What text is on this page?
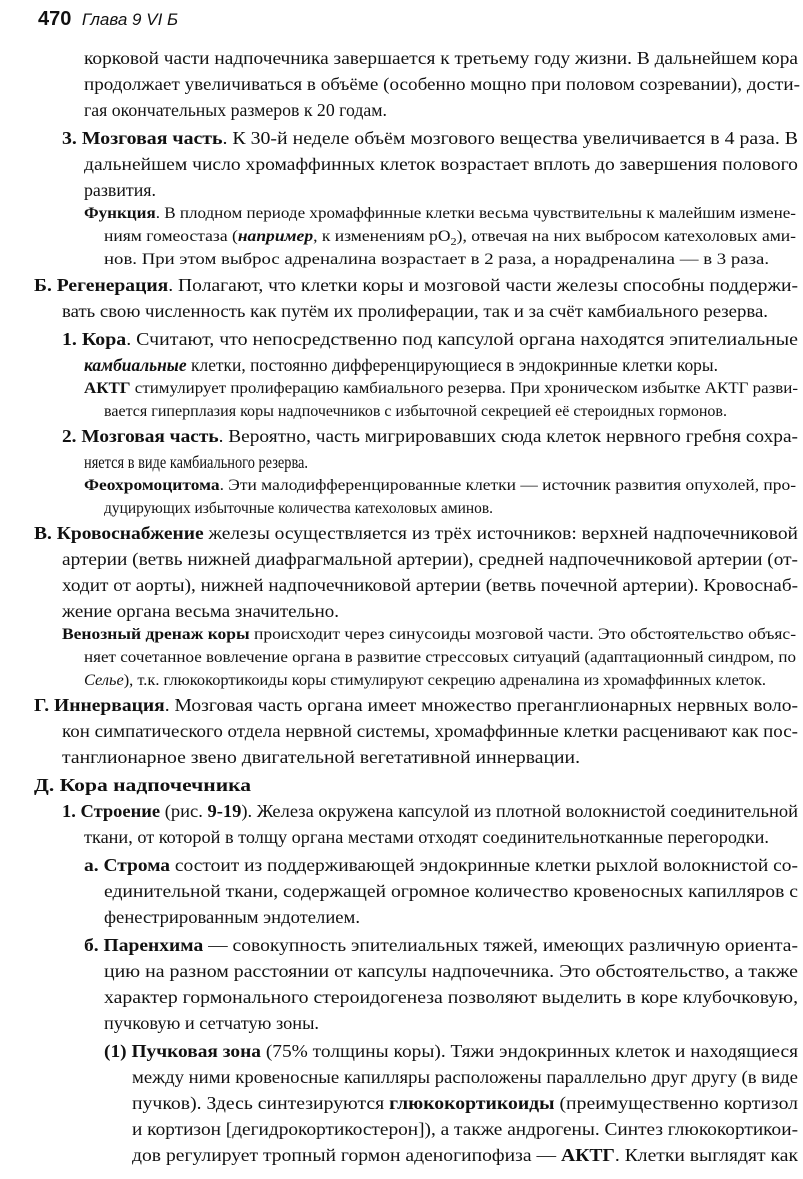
470 Глава 9 VI Б
корковой части надпочечника завершается к третьему году жизни. В дальнейшем кора
продолжает увеличиваться в объёме (особенно мощно при половом созревании), дости-
гая окончательных размеров к 20 годам.
3. Мозговая часть. К 30-й неделе объём мозгового вещества увеличивается в 4 раза. В
дальнейшем число хромаффинных клеток возрастает вплоть до завершения полового
развития.
Функция. В плодном периоде хромаффинные клетки весьма чувствительны к малейшим измене-
ниям гомеостаза (например, к изменениям $pO_2$), отвечая на них выбросом катехоловых ами-
нов. При этом выброс адреналина возрастает в 2 раза, а норадреналина — в 3 раза.
Б. Регенерация. Полагают, что клетки коры и мозговой части железы способны поддержи-
вать свою численность как путём их пролиферации, так и за счёт камбиального резерва.
1. Кора. Считают, что непосредственно под капсулой органа находятся эпителиальные
камбиальные клетки, постоянно дифференцирующиеся в эндокринные клетки коры.
АКТГ стимулирует пролиферацию камбиального резерва. При хроническом избытке АКТГ разви-
вается гиперплазия коры надпочечников с избыточной секрецией её стероидных гормонов.
2. Мозговая часть. Вероятно, часть мигрировавших сюда клеток нервного гребня сохра-
няется в виде камбиального резерва.
Феохромоцитома. Эти малодифференцированные клетки — источник развития опухолей, про-
дуцирующих избыточные количества катехоловых аминов.
В. Кровоснабжение железы осуществляется из трёх источников: верхней надпочечниковой
артерии (ветвь нижней диафрагмальной артерии), средней надпочечниковой артерии (от-
ходит от аорты), нижней надпочечниковой артерии (ветвь почечной артерии). Кровоснаб-
жение органа весьма значительно.
Венозный дренаж коры происходит через синусоиды мозговой части. Это обстоятельство объяс-
няет сочетанное вовлечение органа в развитие стрессовых ситуаций (адаптационный синдром, по
Селье), т.к. глюкокортикоиды коры стимулируют секрецию адреналина из хромаффинных клеток.
Г. Иннервация. Мозговая часть органа имеет множество преганглионарных нервных воло-
кон симпатического отдела нервной системы, хромаффинные клетки расценивают как пос-
танглионарное звено двигательной вегетативной иннервации.
Д. Кора надпочечника
1. Строение (рис. 9-19). Железа окружена капсулой из плотной волокнистой соединительной
ткани, от которой в толщу органа местами отходят соединительнотканные перегородки.
а. Строма состоит из поддерживающей эндокринные клетки рыхлой волокнистой со-
единительной ткани, содержащей огромное количество кровеносных капилляров с
фенестрированным эндотелием.
б. Паренхима — совокупность эпителиальных тяжей, имеющих различную ориента-
цию на разном расстоянии от капсулы надпочечника. Это обстоятельство, а также
характер гормонального стероидогенеза позволяют выделить в коре клубочковую,
пучковую и сетчатую зоны.
(1) Пучковая зона (75% толщины коры). Тяжи эндокринных клеток и находящиеся
между ними кровеносные капилляры расположены параллельно друг другу (в виде
пучков). Здесь синтезируются глюкокортикоиды (преимущественно кортизол
и кортизон [дегидрокортикостерон]), а также андрогены. Синтез глюкокортикои-
дов регулирует тропный гормон аденогипофиза — АКТГ. Клетки выглядят как
